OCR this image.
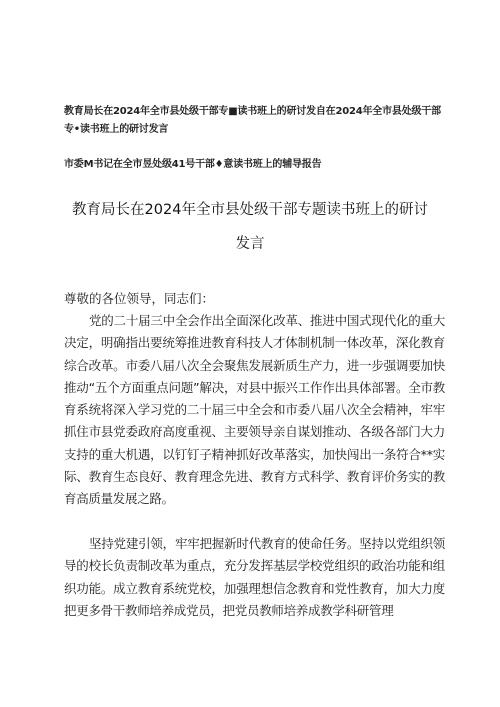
教育局长在2024年全市县处级干部专■读书班上的研讨发自在2024年全市县处级干部
专•读书班上的研讨发言
市委M书记在全市昱处级41号干部♦意读书班上的辅导报告
教育局长在2024年全市县处级干部专题读书班上的研讨
发言
尊敬的各位领导，同志们：
党的二十届三中全会作出全面深化改革、推进中国式现代化的重大决定，明确指出要统筹推进教育科技人才体制机制一体改革，深化教育综合改革。市委八届八次全会聚焦发展新质生产力，进一步强调要加快推动“五个方面重点问题”解决，对县中振兴工作作出具体部署。全市教育系统将深入学习党的二十届三中全会和市委八届八次全会精神，牢牢抓住市县党委政府高度重视、主要领导亲自谋划推动、各级各部门大力支持的重大机遇，以钉钉子精神抓好改革落实，加快闯出一条符合**实际、教育生态良好、教育理念先进、教育方式科学、教育评价务实的教育高质量发展之路。
坚持党建引领，牢牢把握新时代教育的使命任务。坚持以党组织领导的校长负责制改革为重点，充分发挥基层学校党组织的政治功能和组织功能。成立教育系统党校，加强理想信念教育和党性教育，加大力度把更多骨干教师培养成党员，把党员教师培养成教学科研管理
